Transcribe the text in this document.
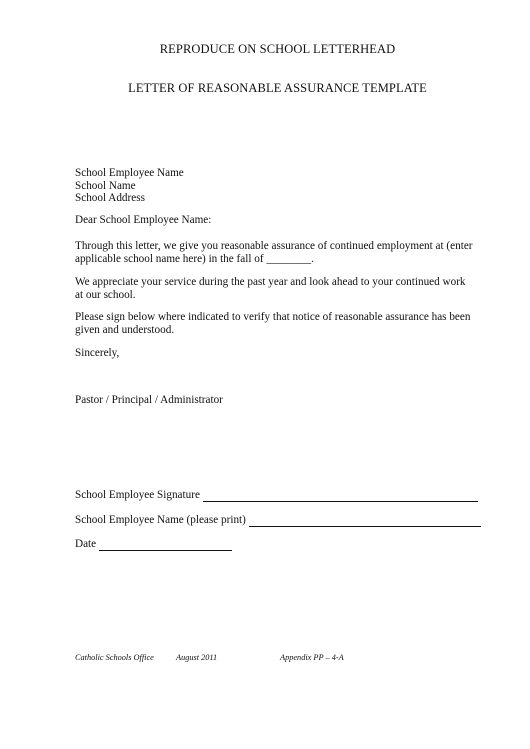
REPRODUCE ON SCHOOL LETTERHEAD
LETTER OF REASONABLE ASSURANCE TEMPLATE
School Employee Name
School Name
School Address
Dear School Employee Name:
Through this letter, we give you reasonable assurance of continued employment at (enter applicable school name here) in the fall of ________.
We appreciate your service during the past year and look ahead to your continued work at our school.
Please sign below where indicated to verify that notice of reasonable assurance has been given and understood.
Sincerely,
Pastor / Principal / Administrator
School Employee Signature
School Employee Name (please print)
Date
Catholic Schools Office	August 2011	Appendix PP – 4-A
